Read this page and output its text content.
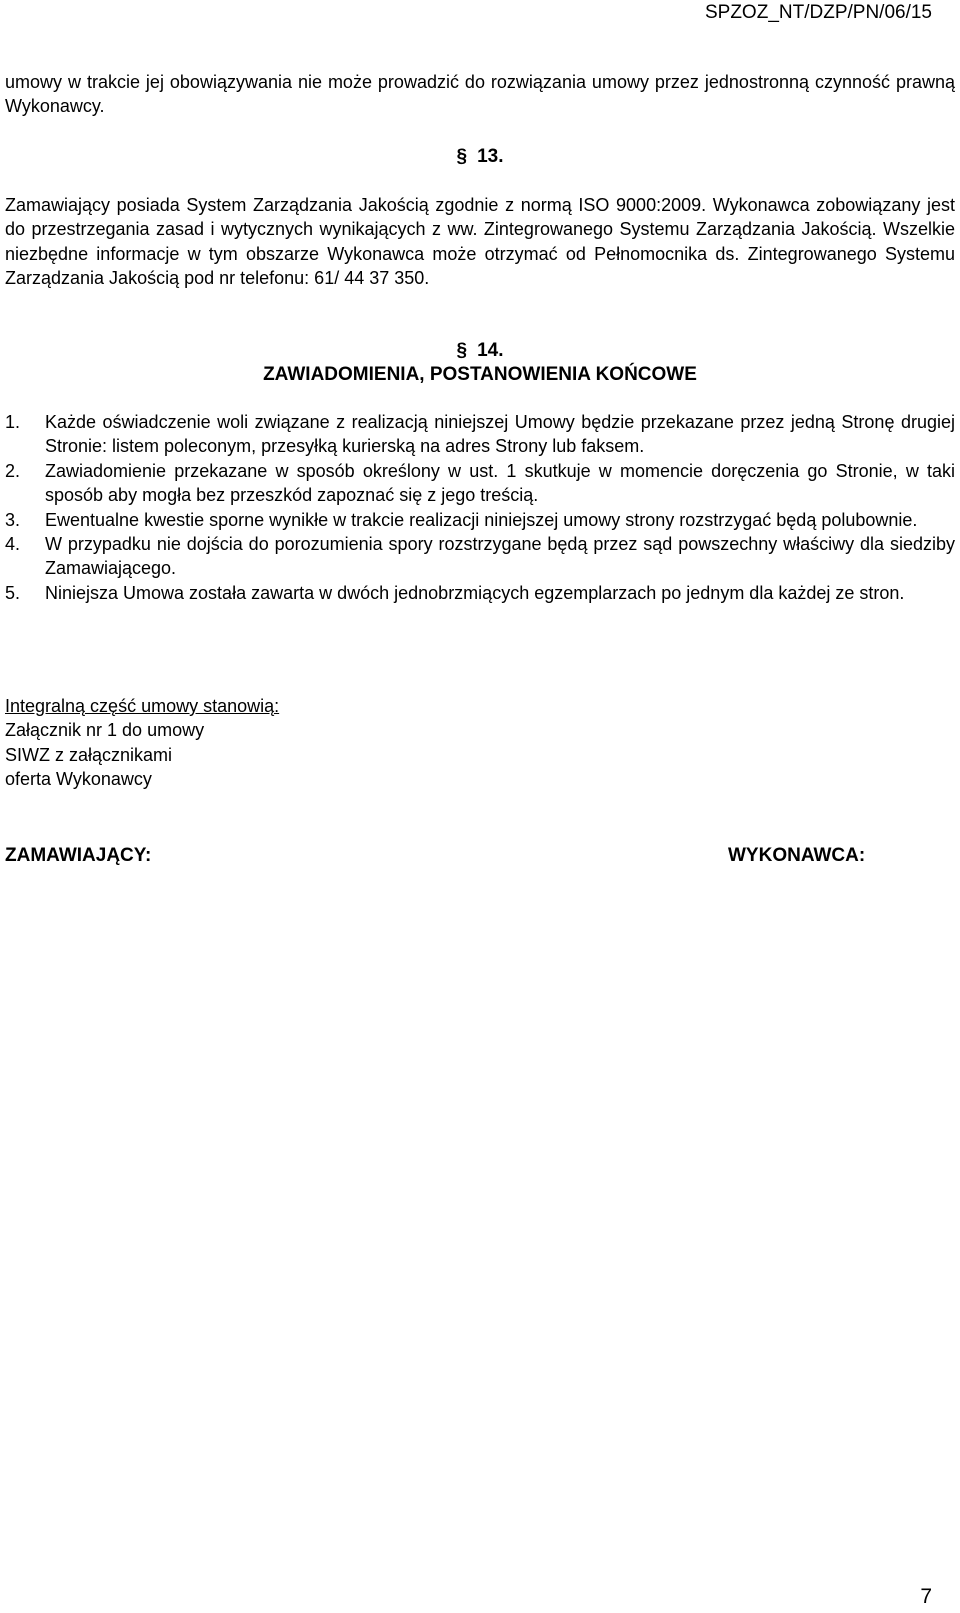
SPZOZ_NT/DZP/PN/06/15
umowy w trakcie jej obowiązywania nie może prowadzić do rozwiązania umowy przez jednostronną czynność prawną Wykonawcy.
§ 13.
Zamawiający posiada System Zarządzania Jakością zgodnie z normą ISO 9000:2009. Wykonawca zobowiązany jest do przestrzegania zasad i wytycznych wynikających z ww. Zintegrowanego Systemu Zarządzania Jakością. Wszelkie niezbędne informacje w tym obszarze Wykonawca może otrzymać od Pełnomocnika ds. Zintegrowanego Systemu Zarządzania Jakością pod nr telefonu: 61/ 44 37 350.
§ 14.
ZAWIADOMIENIA, POSTANOWIENIA KOŃCOWE
1.	Każde oświadczenie woli związane z realizacją niniejszej Umowy będzie przekazane przez jedną Stronę drugiej Stronie: listem poleconym, przesyłką kurierską na adres Strony lub faksem.
2.	Zawiadomienie przekazane w sposób określony w ust. 1 skutkuje w momencie doręczenia go Stronie, w taki sposób aby mogła bez przeszkód zapoznać się z jego treścią.
3.	Ewentualne kwestie sporne wynikłe w trakcie realizacji niniejszej umowy strony rozstrzygać będą polubownie.
4.	W przypadku nie dojścia do porozumienia spory rozstrzygane będą przez sąd powszechny właściwy dla siedziby Zamawiającego.
5.	Niniejsza Umowa została zawarta w dwóch jednobrzmiących egzemplarzach po jednym dla każdej ze stron.
Integralną część umowy stanowią:
Załącznik nr 1 do umowy
SIWZ z załącznikami
oferta Wykonawcy
ZAMAWIAJĄCY:	WYKONAWCA:
7
